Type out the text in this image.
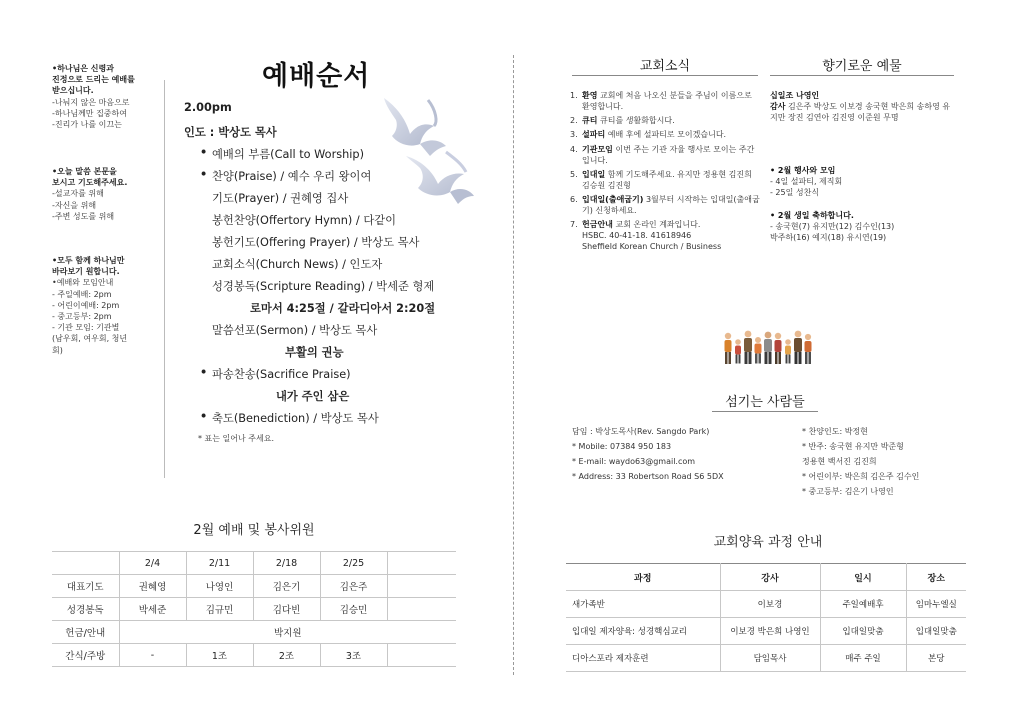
•하나님은 신령과
진정으로 드리는 예배를
받으십니다.
-나눠지 않은 마음으로
-하나님께만 집중하여
-진리가 나를 이끄는
•오늘 말씀 본문을
보시고 기도해주세요.
-설교자를 위해
-자신을 위해
-주변 성도를 위해
•모두 함께 하나님만
바라보기 원합니다.
•예배와 모임안내
- 주일예배: 2pm
- 어린이예배: 2pm
- 중고등부: 2pm
- 기관 모임: 기관별
(남우회, 여우회, 청년
회)
예배순서
2.00pm
인도 : 박상도 목사
• 예배의 부름(Call to Worship)
• 찬양(Praise) / 예수 우리 왕이여
기도(Prayer) / 권혜영 집사
봉헌찬양(Offertory Hymn) / 다같이
봉헌기도(Offering Prayer) / 박상도 목사
교회소식(Church News) / 인도자
성경봉독(Scripture Reading) / 박세준 형제
로마서 4:25절 / 갈라디아서 2:20절
말씀선포(Sermon) / 박상도 목사
부활의 권능
• 파송찬송(Sacrifice Praise)
내가 주인 삼은
• 축도(Benediction) / 박상도 목사
* 표는 일어나 주세요.
2월 예배 및 봉사위원
	2/4	2/11	2/18	2/25	
대표기도	권혜영	나영인	김은기	김은주	
성경봉독	박세준	김규민	김다빈	김승민	
헌금/안내	박지원				
간식/주방	-	1조	2조	3조	
교회소식
1. 환영 교회에 처음 나오신 분들을 주님이 이름으로 환영합니다.
2. 큐티 큐티를 생활화합시다.
3. 설파티 예배 후에 설파티로 모이겠습니다.
4. 기관모임 이번 주는 기관 자율 행사로 모이는 주간입니다.
5. 입대일 함께 기도해주세요. 유지만 정용현 김진희 김승원 김진형
6. 입대일(출애굽기) 3월부터 시작하는 입대일(출애굽기) 신청하세요.
7. 헌금안내 교회 온라인 계좌입니다.
HSBC. 40-41-18. 41618946
Sheffield Korean Church / Business
향기로운 예물
십일조 나영인
감사 김은주 박상도 이보경 송국현 박은희 송하영 유지만 장진 김연아 김진영 이준원 무명
• 2월 행사와 모임
- 4일 설파티, 제직회
- 25일 성찬식
• 2월 생일 축하합니다.
- 송국현(7) 유지만(12) 김수인(13)
박주하(16) 예지(18) 유시연(19)
섬기는 사람들
담임 : 박상도목사(Rev. Sangdo Park)
* Mobile: 07384 950 183
* E-mail: waydo63@gmail.com
* Address: 33 Robertson Road S6 5DX
* 찬양인도: 박정현
* 반주: 송국현 유지만 박준형
정용현 백서진 김진희
* 어린이부: 박은희 김은주 김수인
* 중고등부: 김은기 나영인
교회양육 과정 안내
과정	강사	일시	장소
새가족반	이보경	주일예배후	임마누엘실
입대일 제자양육: 성경핵심교리	이보경 박은희 나영인	입대일맞춤	입대일맞춤
디아스포라 제자훈련	담임목사	매주 주일	본당
